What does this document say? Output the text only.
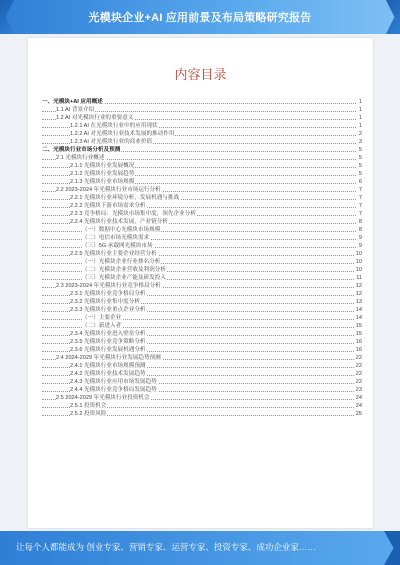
光模块企业+AI 应用前景及布局策略研究报告
内容目录
一、光模块+AI 应用概述	1
1.1 AI 背景介绍	1
1.2 AI 对光模块行业的重要意义	1
1.2.1 AI 在光模块行业中的应用现状	1
1.2.2 AI 对光模块行业技术发展的推动作用	2
1.2.3 AI 对光模块行业的商业价值	3
二、光模块行业市场分析及预测	5
2.1 光模块行业概述	5
2.1.1 光模块行业发展概况	5
2.1.2 光模块行业发展趋势	5
2.1.3 光模块行业市场规模	6
2.2 2023-2024 年光模块行业市场运行分析	7
2.2.1 光模块行业环境分析，发展机遇与挑战	7
2.2.2 光模块下游市场需求分析	7
2.2.3 竞争格局：光模块市场集中度，领先企业分析	7
2.2.4 光模块行业技术发展，产业链分析	8
（一）数据中心光模块市场规模	8
（二）电信市场光模块需求	9
（三）5G 承载网光模块市场	9
2.2.5 光模块行业主要企业经营分析	10
（一）光模块企业行业排名分析	10
（二）光模块企业营收及利润分析	10
（三）光模块企业产能及研发投入	11
2.3 2023-2024 年光模块行业竞争格局分析	12
2.3.1 光模块行业竞争格局分析	12
2.3.2 光模块行业集中度分析	13
2.3.3 光模块行业重点企业分析	14
（一）主要企业	14
（二）新进入者	15
2.3.4 光模块行业进入壁垒分析	15
2.3.5 光模块行业竞争策略分析	16
2.3.6 光模块行业发展机遇分析	16
2.4 2024-2029 年光模块行业发展趋势预测	22
2.4.1 光模块行业市场规模预测	22
2.4.2 光模块行业技术发展趋势	22
2.4.3 光模块行业应用市场发展趋势	22
2.4.4 光模块行业竞争格局发展趋势	23
2.5 2024-2029 年光模块行业投资机会	24
2.5.1 投资机会	24
2.5.2 投资风险	25
让每个人都能成为 创业专家、营销专家、运营专家、投资专家、成功企业家……
